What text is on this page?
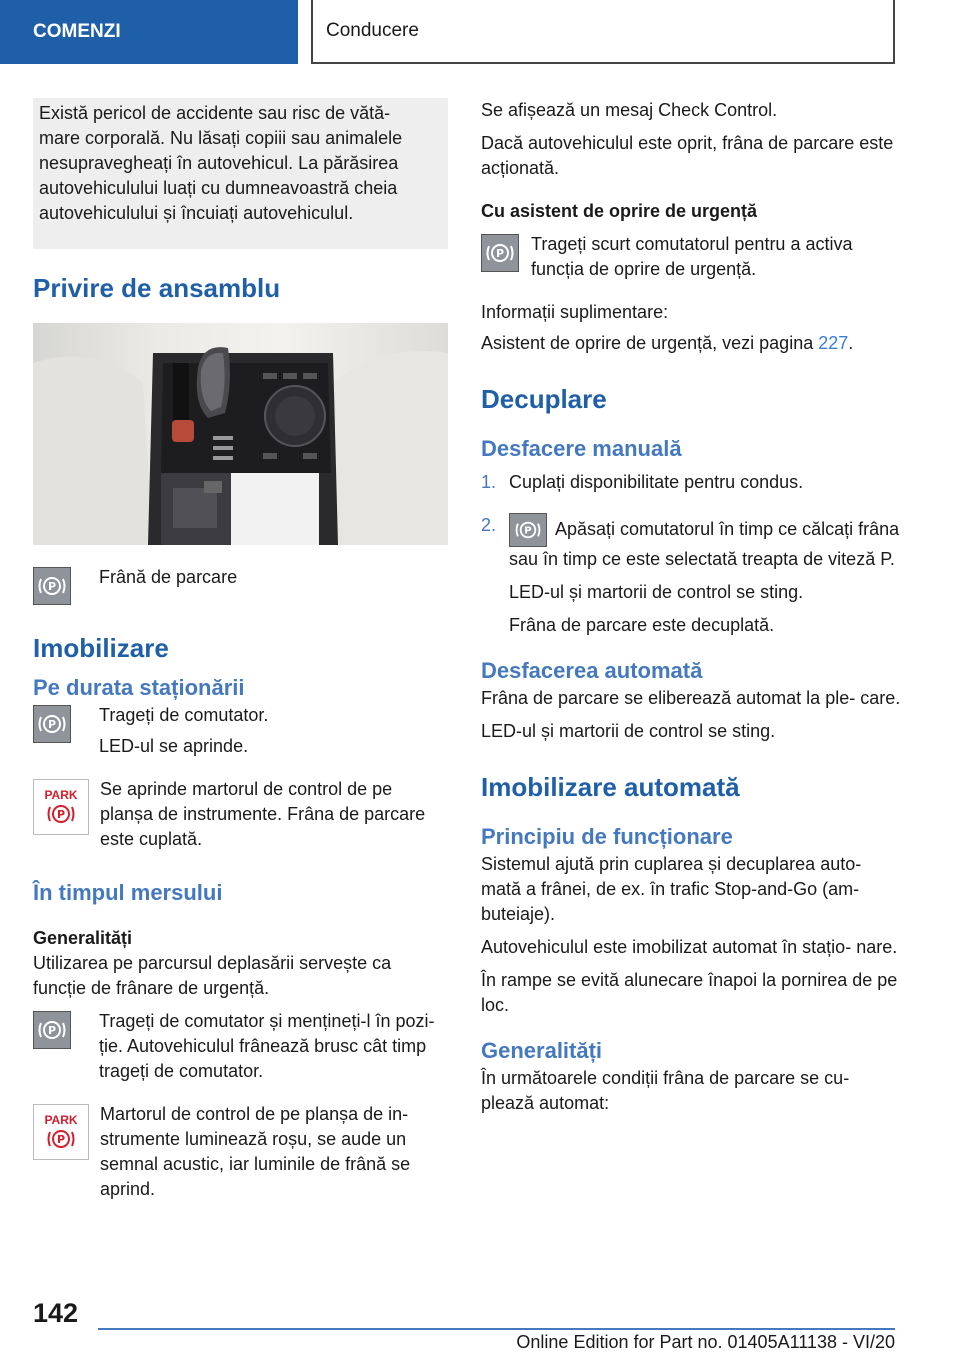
COMENZI	Conducere

Există pericol de accidente sau risc de vătă-

mare corporală. Nu lăsați copiii sau animalele

nesupravegheați în autovehicul. La părăsirea

autovehiculului luați cu dumneavoastră cheia

autovehiculului și încuiați autovehiculul.

Privire de ansamblu
P Frână de parcare

Imobilizare
Pe durata staționării
P Trageți de comutator.

LED-ul se aprinde.

PARK
P

Se aprinde martorul de control de pe planșa de instrumente. Frâna de parcare este cuplată.

În timpul mersului
Generalități

Utilizarea pe parcursul deplasării servește ca funcție de frânare de urgență.

P Trageți de comutator și mențineți-l în pozi- ție. Autovehiculul frânează brusc cât timp trageți de comutator.

PARK
P

Martorul de control de pe planșa de in- strumente luminează roșu, se aude un semnal acustic, iar luminile de frână se aprind.

Se afișează un mesaj Check Control.

Dacă autovehiculul este oprit, frâna de parcare este acționată.

Cu asistent de oprire de urgență
P Trageți scurt comutatorul pentru a activa funcția de oprire de urgență.

Informații suplimentare:

Asistent de oprire de urgență, vezi pagina 227.

Decuplare
Desfacere manuală
1. Cuplați disponibilitate pentru condus.

2.	P Apăsați comutatorul în timp ce călcați frâna sau în timp ce este selectată treapta de viteză P.

LED-ul și martorii de control se sting.

Frâna de parcare este decuplată.

Desfacerea automată

Frâna de parcare se eliberează automat la ple- care.

LED-ul și martorii de control se sting.

Imobilizare automată
Principiu de funcționare

Sistemul ajută prin cuplarea și decuplarea auto- mată a frânei, de ex. în trafic Stop-and-Go (am- buteiaje).

Autovehiculul este imobilizat automat în stațio- nare.

În rampe se evită alunecare înapoi la pornirea de pe loc.

Generalități

În următoarele condiții frâna de parcare se cu- plează automat:

142
Online Edition for Part no. 01405A11138 - VI/20
